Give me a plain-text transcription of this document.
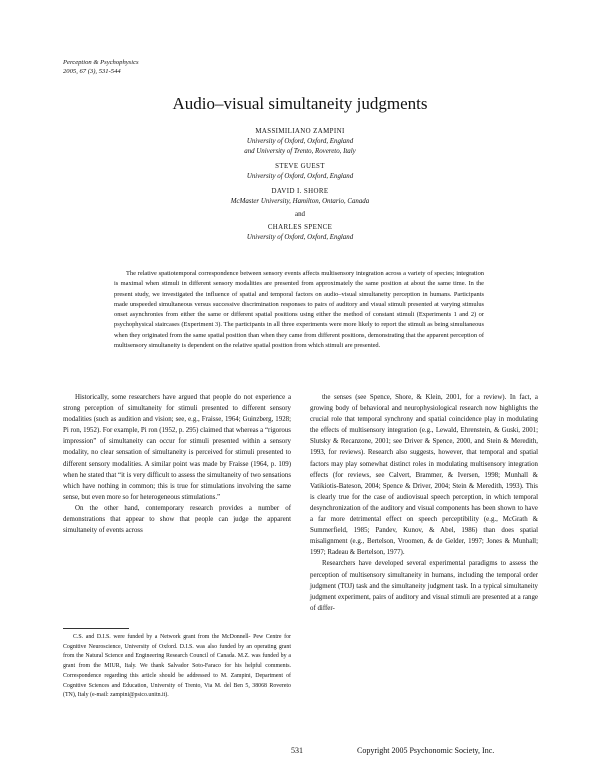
Perception & Psychophysics
2005, 67 (3), 531-544
Audio–visual simultaneity judgments
MASSIMILIANO ZAMPINI
University of Oxford, Oxford, England
and University of Trento, Rovereto, Italy
STEVE GUEST
University of Oxford, Oxford, England
DAVID I. SHORE
McMaster University, Hamilton, Ontario, Canada
and
CHARLES SPENCE
University of Oxford, Oxford, England

The relative spatiotemporal correspondence between sensory events affects multisensory integration across a variety of species; integration is maximal when stimuli in different sensory modalities are presented from approximately the same position at about the same time. In the present study, we investigated the influence of spatial and temporal factors on audio–visual simultaneity perception in humans. Participants made unspeeded simultaneous versus successive discrimination responses to pairs of auditory and visual stimuli presented at varying stimulus onset asynchronies from either the same or different spatial positions using either the method of constant stimuli (Experiments 1 and 2) or psychophysical staircases (Experiment 3). The participants in all three experiments were more likely to report the stimuli as being simultaneous when they originated from the same spatial position than when they came from different positions, demonstrating that the apparent perception of multisensory simultaneity is dependent on the relative spatial position from which stimuli are presented.

Historically, some researchers have argued that people do not experience a strong perception of simultaneity for stimuli presented to different sensory modalities (such as audition and vision; see, e.g., Fraisse, 1964; Guinzberg, 1928; Pi ron, 1952). For example, Pi ron (1952, p. 295) claimed that whereas a “rigorous impression” of simultaneity can occur for stimuli presented within a sensory modality, no clear sensation of simultaneity is perceived for stimuli presented to different sensory modalities. A similar point was made by Fraisse (1964, p. 109) when he stated that “it is very difficult to assess the simultaneity of two sensations which have nothing in common; this is true for stimulations involving the same sense, but even more so for heterogeneous stimulations.”

On the other hand, contemporary research provides a number of demonstrations that appear to show that people can judge the apparent simultaneity of events across

the senses (see Spence, Shore, & Klein, 2001, for a review). In fact, a growing body of behavioral and neurophysiological research now highlights the crucial role that temporal synchrony and spatial coincidence play in modulating the effects of multisensory integration (e.g., Lewald, Ehrenstein, & Guski, 2001; Slutsky & Recanzone, 2001; see Driver & Spence, 2000, and Stein & Meredith, 1993, for reviews). Research also suggests, however, that temporal and spatial factors may play somewhat distinct roles in modulating multisensory integration effects (for reviews, see Calvert, Brammer, & Iversen, 1998; Munhall & Vatikiotis-Bateson, 2004; Spence & Driver, 2004; Stein & Meredith, 1993). This is clearly true for the case of audiovisual speech perception, in which temporal desynchronization of the auditory and visual components has been shown to have a far more detrimental effect on speech perceptibility (e.g., McGrath & Summerfield, 1985; Pandev, Kunov, & Abel, 1986) than does spatial misalignment (e.g., Bertelson, Vroomen, & de Gelder, 1997; Jones & Munhall; 1997; Radeau & Bertelson, 1977).

Researchers have developed several experimental paradigms to assess the perception of multisensory simultaneity in humans, including the temporal order judgment (TOJ) task and the simultaneity judgment task. In a typical simultaneity judgment experiment, pairs of auditory and visual stimuli are presented at a range of differ-

C.S. and D.I.S. were funded by a Network grant from the McDonnell- Pew Centre for Cognitive Neuroscience, University of Oxford. D.I.S. was also funded by an operating grant from the Natural Science and Engineering Research Council of Canada. M.Z. was funded by a grant from the MIUR, Italy. We thank Salvador Soto-Faraco for his helpful comments. Correspondence regarding this article should be addressed to M. Zampini, Department of Cognitive Sciences and Education, University of Trento, Via M. del Ben 5, 38068 Rovereto (TN), Italy (e-mail: zampini@psico.unitn.it).

531	Copyright 2005 Psychonomic Society, Inc.
